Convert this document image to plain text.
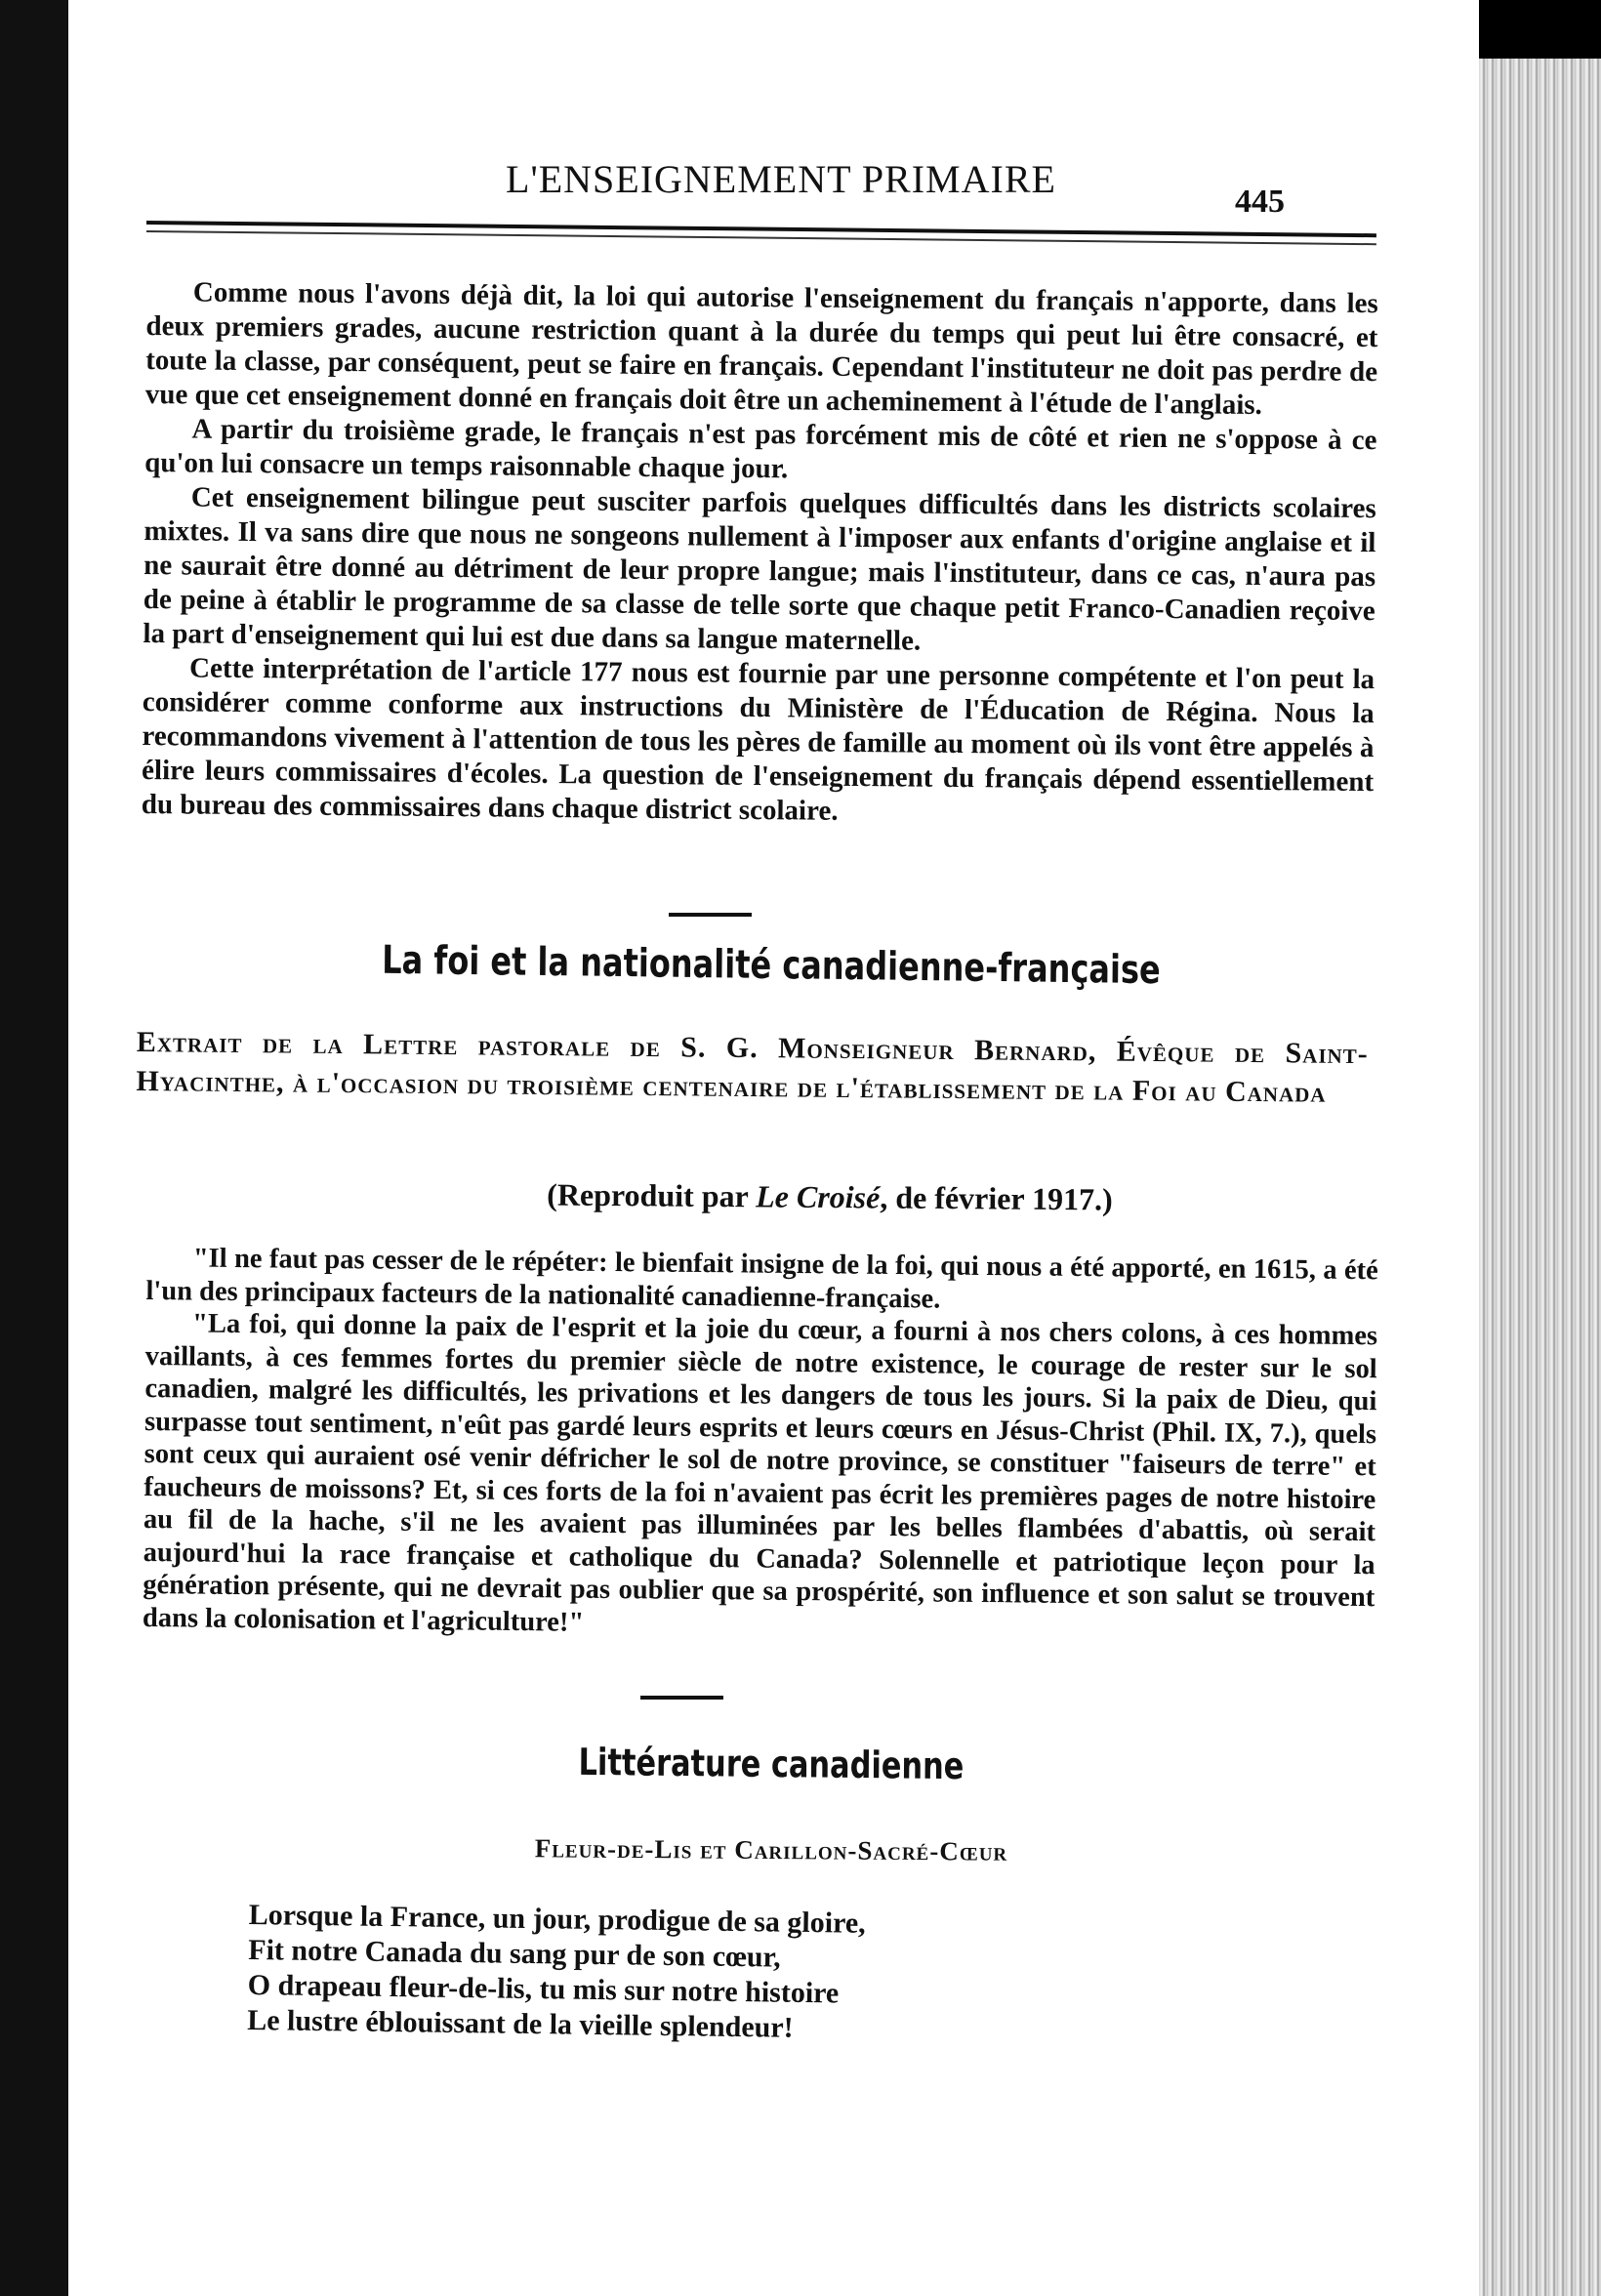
L'ENSEIGNEMENT PRIMAIRE
445

Comme nous l'avons déjà dit, la loi qui autorise l'enseignement du français n'apporte, dans les deux premiers grades, aucune restriction quant à la durée du temps qui peut lui être consacré, et toute la classe, par conséquent, peut se faire en français. Cependant l'instituteur ne doit pas perdre de vue que cet enseignement donné en français doit être un acheminement à l'étude de l'anglais.

A partir du troisième grade, le français n'est pas forcément mis de côté et rien ne s'oppose à ce qu'on lui consacre un temps raisonnable chaque jour.

Cet enseignement bilingue peut susciter parfois quelques difficultés dans les districts scolaires mixtes. Il va sans dire que nous ne songeons nullement à l'imposer aux enfants d'origine anglaise et il ne saurait être donné au détriment de leur propre langue; mais l'instituteur, dans ce cas, n'aura pas de peine à établir le programme de sa classe de telle sorte que chaque petit Franco-Canadien reçoive la part d'enseignement qui lui est due dans sa langue maternelle.

Cette interprétation de l'article 177 nous est fournie par une personne compétente et l'on peut la considérer comme conforme aux instructions du Ministère de l'Éducation de Régina. Nous la recommandons vivement à l'attention de tous les pères de famille au moment où ils vont être appelés à élire leurs commissaires d'écoles. La question de l'enseignement du français dépend essentiellement du bureau des commissaires dans chaque district scolaire.

La foi et la nationalité canadienne-française
Extrait de la Lettre pastorale de S. G. Monseigneur Bernard, Évêque de Saint-Hyacinthe, à l'occasion du troisième centenaire de l'établissement de la Foi au Canada
(Reproduit par Le Croisé, de février 1917.)

"Il ne faut pas cesser de le répéter: le bienfait insigne de la foi, qui nous a été apporté, en 1615, a été l'un des principaux facteurs de la nationalité canadienne-française.

"La foi, qui donne la paix de l'esprit et la joie du cœur, a fourni à nos chers colons, à ces hommes vaillants, à ces femmes fortes du premier siècle de notre existence, le courage de rester sur le sol canadien, malgré les difficultés, les privations et les dangers de tous les jours. Si la paix de Dieu, qui surpasse tout sentiment, n'eût pas gardé leurs esprits et leurs cœurs en Jésus-Christ (Phil. IX, 7.), quels sont ceux qui auraient osé venir défricher le sol de notre province, se constituer "faiseurs de terre" et faucheurs de moissons? Et, si ces forts de la foi n'avaient pas écrit les premières pages de notre histoire au fil de la hache, s'il ne les avaient pas illuminées par les belles flambées d'abattis, où serait aujourd'hui la race française et catholique du Canada? Solennelle et patriotique leçon pour la génération présente, qui ne devrait pas oublier que sa prospérité, son influence et son salut se trouvent dans la colonisation et l'agriculture!"

Littérature canadienne
Fleur-de-Lis et Carillon-Sacré-Cœur
Lorsque la France, un jour, prodigue de sa gloire,
Fit notre Canada du sang pur de son cœur,
O drapeau fleur-de-lis, tu mis sur notre histoire
Le lustre éblouissant de la vieille splendeur!
